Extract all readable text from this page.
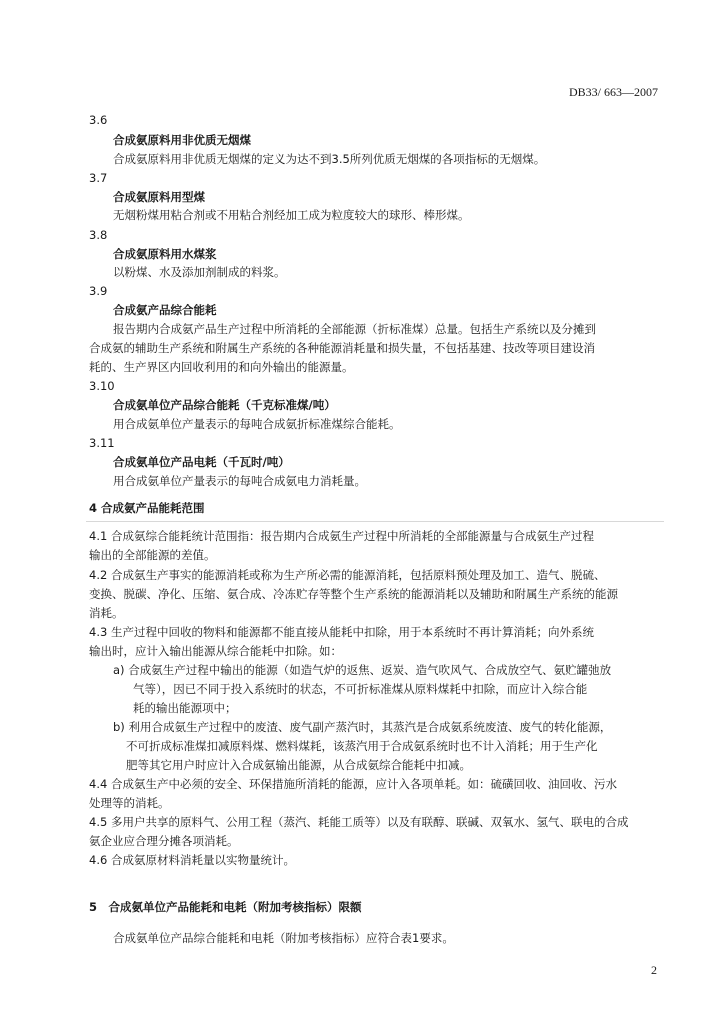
DB33/ 663—2007
3.6
合成氨原料用非优质无烟煤
合成氨原料用非优质无烟煤的定义为达不到3.5所列优质无烟煤的各项指标的无烟煤。
3.7
合成氨原料用型煤
无烟粉煤用粘合剂或不用粘合剂经加工成为粒度较大的球形、棒形煤。
3.8
合成氨原料用水煤浆
以粉煤、水及添加剂制成的料浆。
3.9
合成氨产品综合能耗
报告期内合成氨产品生产过程中所消耗的全部能源（折标准煤）总量。包括生产系统以及分摊到
合成氨的辅助生产系统和附属生产系统的各种能源消耗量和损失量，不包括基建、技改等项目建设消
耗的、生产界区内回收利用的和向外输出的能源量。
3.10
合成氨单位产品综合能耗（千克标准煤/吨）
用合成氨单位产量表示的每吨合成氨折标准煤综合能耗。
3.11
合成氨单位产品电耗（千瓦时/吨）
用合成氨单位产量表示的每吨合成氨电力消耗量。
4 合成氨产品能耗范围
4.1 合成氨综合能耗统计范围指：报告期内合成氨生产过程中所消耗的全部能源量与合成氨生产过程
输出的全部能源的差值。
4.2 合成氨生产事实的能源消耗或称为生产所必需的能源消耗，包括原料预处理及加工、造气、脱硫、
变换、脱碳、净化、压缩、氨合成、冷冻贮存等整个生产系统的能源消耗以及辅助和附属生产系统的能源
消耗。
4.3 生产过程中回收的物料和能源都不能直接从能耗中扣除，用于本系统时不再计算消耗；向外系统
输出时，应计入输出能源从综合能耗中扣除。如：
a) 合成氨生产过程中输出的能源（如造气炉的返焦、返炭、造气吹风气、合成放空气、氨贮罐弛放
气等），因已不同于投入系统时的状态，不可折标准煤从原料煤耗中扣除，而应计入综合能
耗的输出能源项中；
b) 利用合成氨生产过程中的废渣、废气副产蒸汽时，其蒸汽是合成氨系统废渣、废气的转化能源，
不可折成标准煤扣减原料煤、燃料煤耗，该蒸汽用于合成氨系统时也不计入消耗；用于生产化
肥等其它用户时应计入合成氨输出能源，从合成氨综合能耗中扣减。
4.4 合成氨生产中必须的安全、环保措施所消耗的能源，应计入各项单耗。如：硫磺回收、油回收、污水
处理等的消耗。
4.5 多用户共享的原料气、公用工程（蒸汽、耗能工质等）以及有联醇、联碱、双氧水、氢气、联电的合成
氨企业应合理分摊各项消耗。
4.6 合成氨原材料消耗量以实物量统计。
5　合成氨单位产品能耗和电耗（附加考核指标）限额
合成氨单位产品综合能耗和电耗（附加考核指标）应符合表1要求。
2
